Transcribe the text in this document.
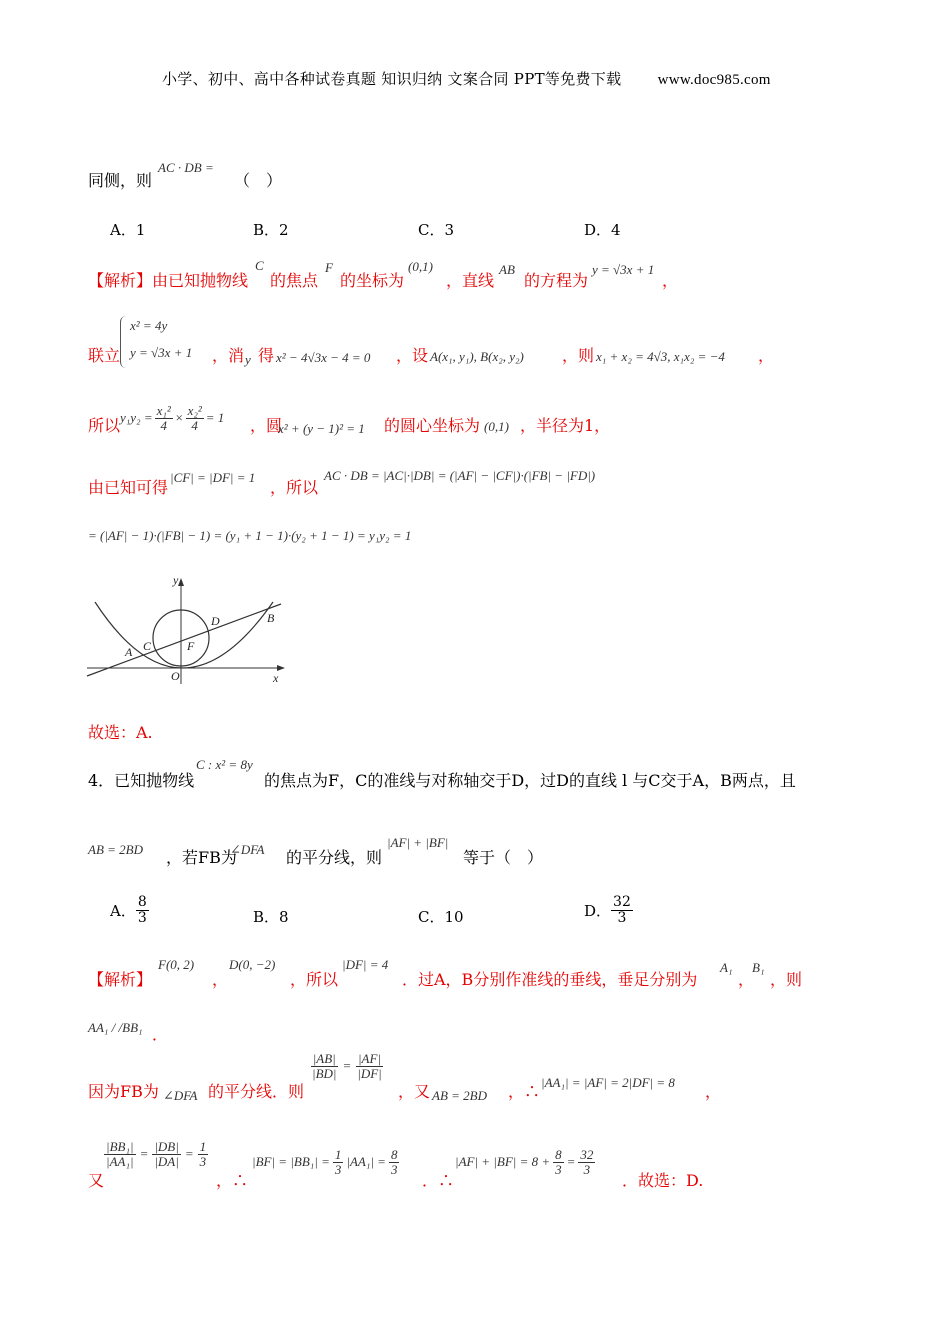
小学、初中、高中各种试卷真题 知识归纳 文案合同 PPT等免费下载 www.doc985.com
同侧，则
AC · DB =
（　）
A．1	B．2	C．3	D．4
【解析】由已知抛物线
C
的焦点
F
的坐标为
(0,1)
，直线
AB
的方程为
y = √3x + 1
，
联立
x² = 4y
y = √3x + 1 ，消 y 得 x² − 4√3x − 4 = 0 ，设 A(x₁, y₁), B(x₂, y₂) ，则 x₁ + x₂ = 4√3, x₁x₂ = −4 ，
所以 $y_1y_2 = \frac{\text{x₁²}}{4} \times \frac{\text{x₂²}}{4} = 1$ ，圆
x² + (y − 1)² = 1 的圆心坐标为 (0,1) ，半径为1，
由已知可得
|CF| = |DF| = 1
，所以
AC · DB = |AC|·|DB| = (|AF| − |CF|)·(|FB| − |FD|)
= (|AF| − 1)·(|FB| − 1) = (y₁ + 1 − 1)·(y₂ + 1 − 1) = y₁y₂ = 1
y
x
O
A
B
C
D
F
故选：A.
4．已知抛物线
C : x² = 8y
的焦点为F，C的准线与对称轴交于D，过D的直线 l 与C交于A，B两点，且
AB = 2BD ，若FB为
∠DFA 的平分线，则
|AF| + |BF|
等于（　）
A． $\frac{8}{3}$	B．8	C．10	D． $\frac{32}{3}$
【解析】
F(0, 2)
，
D(0, −2)
，所以
|DF| = 4
．过A，B分别作准线的垂线，垂足分别为
A₁
，
B₁
，则
AA₁ / /BB₁ ．
因为FB为 ∠DFA 的平分线．则
$\frac{|AB|}{|BD|} = \frac{|AF|}{|DF|}$
，又 AB = 2BD ，∴ |AA₁| = |AF| = 2|DF| = 8 ，
又
$\frac{\text{|BB₁|}}{\text{|AA₁|}} = \frac{|DB|}{|DA|} = \frac{1}{3}$
，∴
$|BF| = |BB_1| = \frac{1}{3} |AA_1| = \frac{8}{3}$
．∴
$|AF| + |BF| = 8 + \frac{8}{3} = \frac{32}{3}$
．故选：D.
